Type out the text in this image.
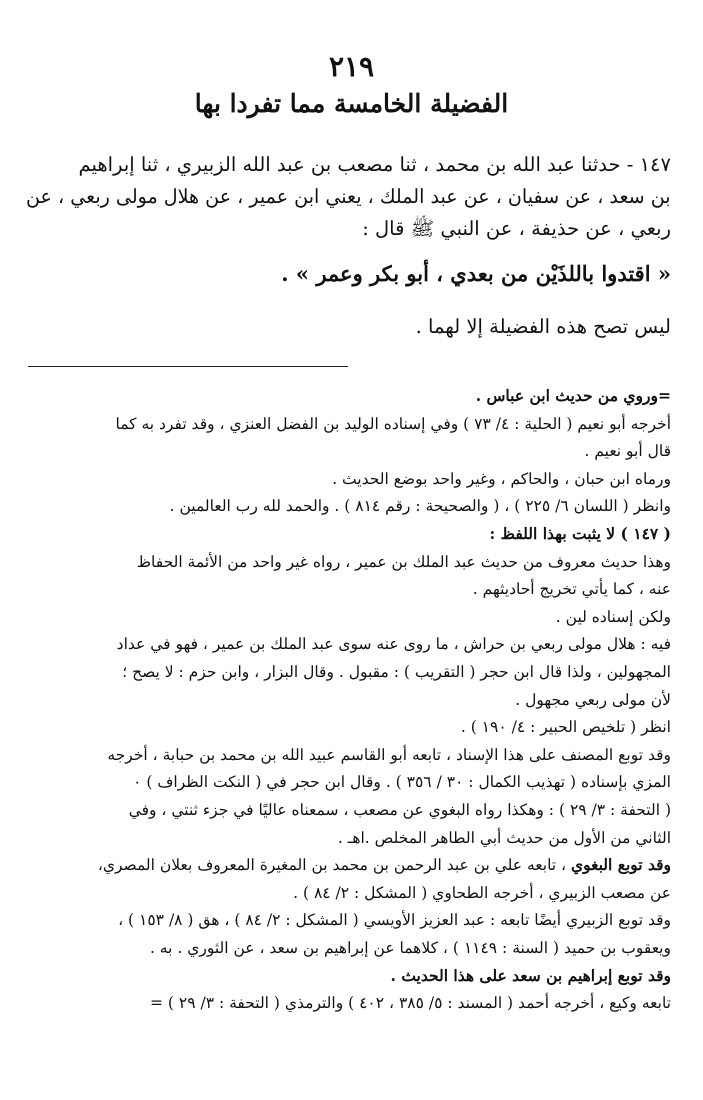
٢١٩
الفضيلة الخامسة مما تفردا بها
١٤٧ - حدثنا عبد الله بن محمد ، ثنا مصعب بن عبد الله الزبيري ، ثنا إبراهيم
بن سعد ، عن سفيان ، عن عبد الملك ، يعني ابن عمير ، عن هلال مولى ربعي ، عن
ربعي ، عن حذيفة ، عن النبي ﷺ قال :
« اقتدوا باللذَيْن من بعدي ، أبو بكر وعمر » .
ليس تصح هذه الفضيلة إلا لهما .
=وروي من حديث ابن عباس .
أخرجه أبو نعيم ( الحلية : ٤/ ٧٣ ) وفي إسناده الوليد بن الفضل العنزي ، وقد تفرد به كما
قال أبو نعيم .
ورماه ابن حبان ، والحاكم ، وغير واحد بوضع الحديث .
وانظر ( اللسان ٦/ ٢٢٥ ) ، ( والصحيحة : رقم ٨١٤ ) . والحمد لله رب العالمين .
( ١٤٧ ) لا يثبت بهذا اللفظ :
وهذا حديث معروف من حديث عبد الملك بن عمير ، رواه غير واحد من الأئمة الحفاظ
عنه ، كما يأتي تخريج أحاديثهم .
ولكن إسناده لين .
فيه : هلال مولى ربعي بن حراش ، ما روى عنه سوى عبد الملك بن عمير ، فهو في عداد
المجهولين ، ولذا قال ابن حجر ( التقريب ) : مقبول . وقال البزار ، وابن حزم : لا يصح ؛
لأن مولى ربعي مجهول .
انظر ( تلخيص الحبير : ٤/ ١٩٠ ) .
وقد توبع المصنف على هذا الإسناد ، تابعه أبو القاسم عبيد الله بن محمد بن حبابة ، أخرجه
المزي بإسناده ( تهذيب الكمال : ٣٠ / ٣٥٦ ) . وقال ابن حجر في ( النكت الظراف ) ٠
( التحفة : ٣/ ٢٩ ) : وهكذا رواه البغوي عن مصعب ، سمعناه عاليًا في جزء ثنتي ، وفي
الثاني من الأول من حديث أبي الطاهر المخلص .اهـ .
وقد توبع البغوي ، تابعه علي بن عبد الرحمن بن محمد بن المغيرة المعروف بعلان المصري،
عن مصعب الزبيري ، أخرجه الطحاوي ( المشكل : ٢/ ٨٤ ) .
وقد توبع الزبيري أيضًا تابعه : عبد العزيز الأويسي ( المشكل : ٢/ ٨٤ ) ، هق ( ٨/ ١٥٣ ) ،
ويعقوب بن حميد ( السنة : ١١٤٩ ) ، كلاهما عن إبراهيم بن سعد ، عن الثوري . به .
وقد توبع إبراهيم بن سعد على هذا الحديث .
تابعه وكيع ، أخرجه أحمد ( المسند : ٥/ ٣٨٥ ، ٤٠٢ ) والترمذي ( التحفة : ٣/ ٢٩ ) =
